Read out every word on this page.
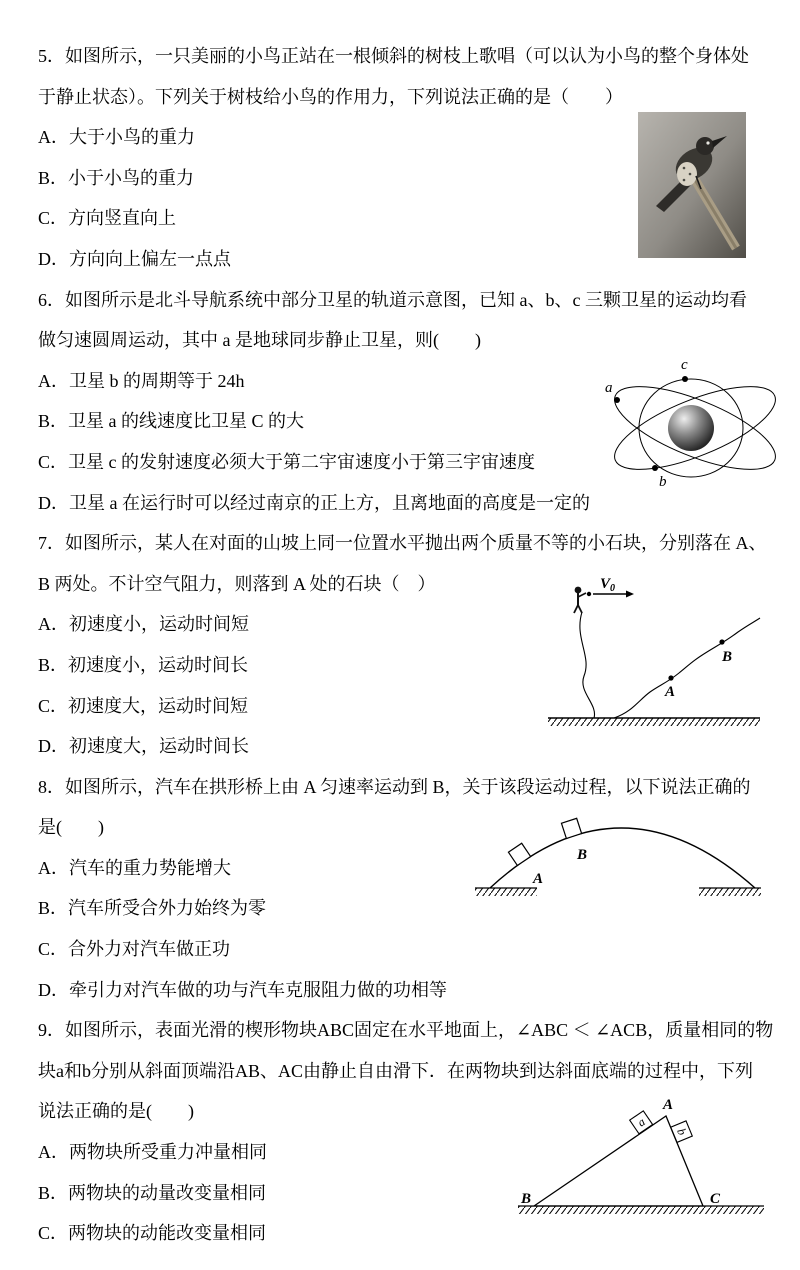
5．如图所示，一只美丽的小鸟正站在一根倾斜的树枝上歌唱（可以认为小鸟的整个身体处
于静止状态）。下列关于树枝给小鸟的作用力，下列说法正确的是（　　）
A．大于小鸟的重力
B．小于小鸟的重力
C．方向竖直向上
D．方向向上偏左一点点
6．如图所示是北斗导航系统中部分卫星的轨道示意图，已知 a、b、c 三颗卫星的运动均看
做匀速圆周运动，其中 a 是地球同步静止卫星，则(　　)
A．卫星 b 的周期等于 24h
B．卫星 a 的线速度比卫星 C 的大
C．卫星 c 的发射速度必须大于第二宇宙速度小于第三宇宙速度
D．卫星 a 在运行时可以经过南京的正上方，且离地面的高度是一定的
7．如图所示，某人在对面的山坡上同一位置水平抛出两个质量不等的小石块，分别落在 A、
B 两处。不计空气阻力，则落到 A 处的石块（　）
A．初速度小，运动时间短
B．初速度小，运动时间长
C．初速度大，运动时间短
D．初速度大，运动时间长
8．如图所示，汽车在拱形桥上由 A 匀速率运动到 B，关于该段运动过程，以下说法正确的
是(　　)
A．汽车的重力势能增大
B．汽车所受合外力始终为零
C．合外力对汽车做正功
D．牵引力对汽车做的功与汽车克服阻力做的功相等
9．如图所示，表面光滑的楔形物块ABC固定在水平地面上，∠ABC ＜ ∠ACB，质量相同的物
块a和b分别从斜面顶端沿AB、AC由静止自由滑下．在两物块到达斜面底端的过程中，下列
说法正确的是(　　)
A．两物块所受重力冲量相同
B．两物块的动量改变量相同
C．两物块的动能改变量相同
a
c
b
$V_0$
A
B
A
B
a
b
A
B	C
